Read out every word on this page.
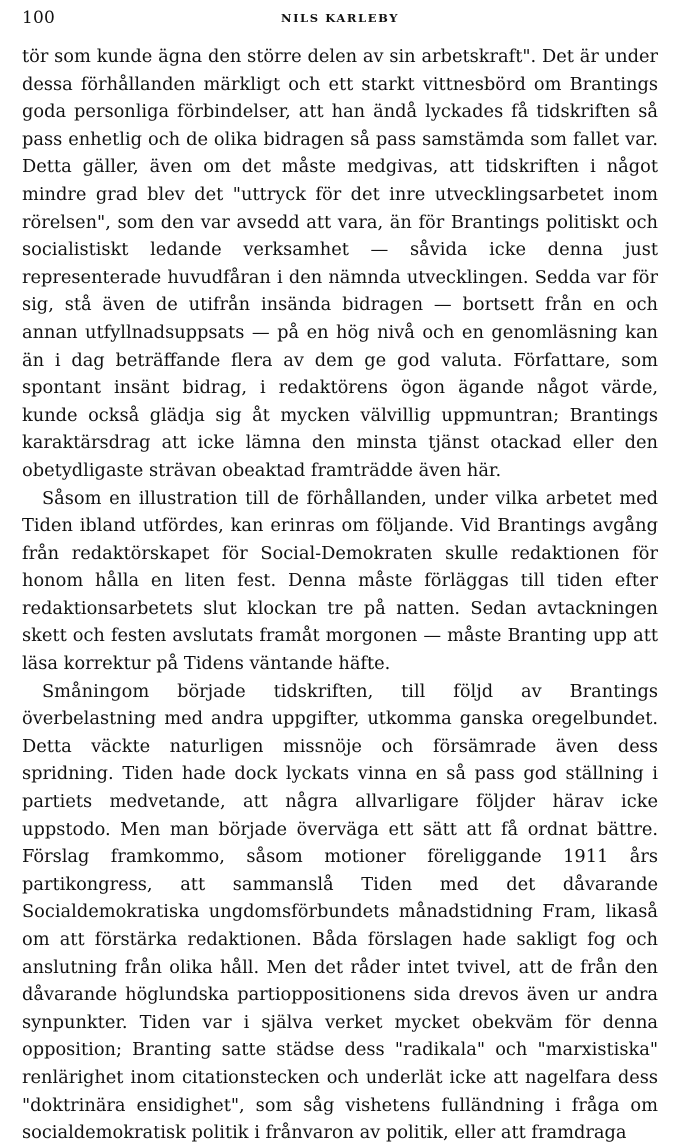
100	NILS KARLEBY

tör som kunde ägna den större delen av sin arbetskraft". Det är under dessa förhållanden märkligt och ett starkt vittnesbörd om Brantings goda personliga förbindelser, att han ändå lyckades få tidskriften så pass enhetlig och de olika bidragen så pass samstämda som fallet var. Detta gäller, även om det måste medgivas, att tidskriften i något mindre grad blev det "uttryck för det inre utvecklingsarbetet inom rörelsen", som den var avsedd att vara, än för Brantings politiskt och socialistiskt ledande verksamhet — såvida icke denna just representerade huvudfåran i den nämnda utvecklingen. Sedda var för sig, stå även de utifrån insända bidragen — bortsett från en och annan utfyllnadsuppsats — på en hög nivå och en genomläsning kan än i dag beträffande flera av dem ge god valuta. Författare, som spontant insänt bidrag, i redaktörens ögon ägande något värde, kunde också glädja sig åt mycken välvillig uppmuntran; Brantings karaktärsdrag att icke lämna den minsta tjänst otackad eller den obetydligaste strävan obeaktad framträdde även här.

Såsom en illustration till de förhållanden, under vilka arbetet med Tiden ibland utfördes, kan erinras om följande. Vid Brantings avgång från redaktörskapet för Social-Demokraten skulle redaktionen för honom hålla en liten fest. Denna måste förläggas till tiden efter redaktionsarbetets slut klockan tre på natten. Sedan avtackningen skett och festen avslutats framåt morgonen — måste Branting upp att läsa korrektur på Tidens väntande häfte.

Småningom började tidskriften, till följd av Brantings överbelastning med andra uppgifter, utkomma ganska oregelbundet. Detta väckte naturligen missnöje och försämrade även dess spridning. Tiden hade dock lyckats vinna en så pass god ställning i partiets medvetande, att några allvarligare följder härav icke uppstodo. Men man började överväga ett sätt att få ordnat bättre. Förslag framkommo, såsom motioner föreliggande 1911 års partikongress, att sammanslå Tiden med det dåvarande Socialdemokratiska ungdomsförbundets månadstidning Fram, likaså om att förstärka redaktionen. Båda förslagen hade sakligt fog och anslutning från olika håll. Men det råder intet tvivel, att de från den dåvarande höglundska partioppositionens sida drevos även ur andra synpunkter. Tiden var i själva verket mycket obekväm för denna opposition; Branting satte städse dess "radikala" och "marxistiska" renlärighet inom citationstecken och underlät icke att nagelfara dess "doktrinära ensidighet", som såg vishetens fulländning i fråga om socialdemokratisk politik i frånvaron av politik, eller att framdraga
